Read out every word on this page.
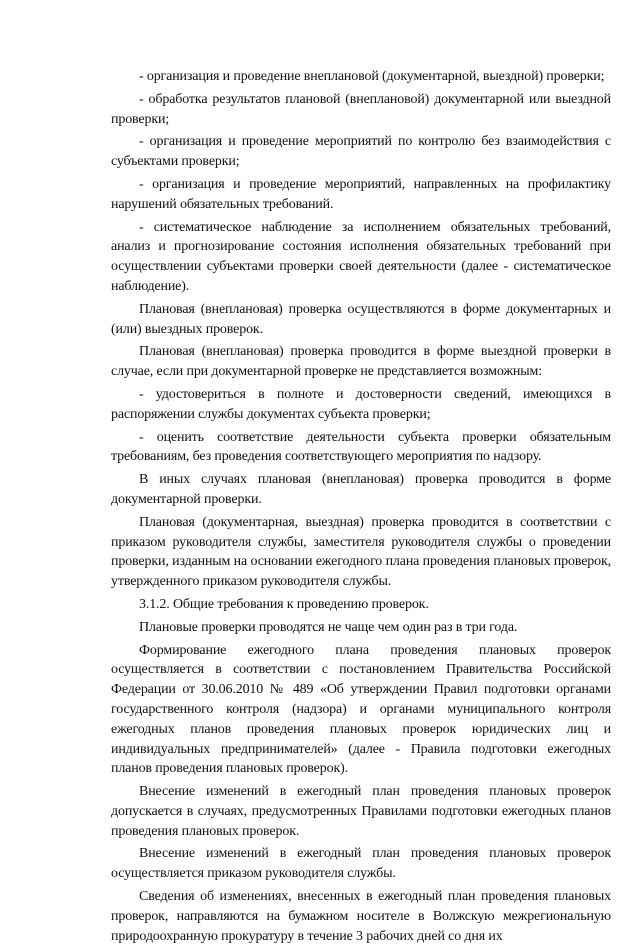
- организация и проведение внеплановой (документарной, выездной) проверки;

- обработка результатов плановой (внеплановой) документарной или выездной проверки;

- организация и проведение мероприятий по контролю без взаимодействия с субъектами проверки;

- организация и проведение мероприятий, направленных на профилактику нарушений обязательных требований.

- систематическое наблюдение за исполнением обязательных требований, анализ и прогнозирование состояния исполнения обязательных требований при осуществлении субъектами проверки своей деятельности (далее - систематическое наблюдение).

Плановая (внеплановая) проверка осуществляются в форме документарных и (или) выездных проверок.

Плановая (внеплановая) проверка проводится в форме выездной проверки в случае, если при документарной проверке не представляется возможным:

- удостовериться в полноте и достоверности сведений, имеющихся в распоряжении службы документах субъекта проверки;

- оценить соответствие деятельности субъекта проверки обязательным требованиям, без проведения соответствующего мероприятия по надзору.

В иных случаях плановая (внеплановая) проверка проводится в форме документарной проверки.

Плановая (документарная, выездная) проверка проводится в соответствии с приказом руководителя службы, заместителя руководителя службы о проведении проверки, изданным на основании ежегодного плана проведения плановых проверок, утвержденного приказом руководителя службы.

3.1.2. Общие требования к проведению проверок.

Плановые проверки проводятся не чаще чем один раз в три года.

Формирование ежегодного плана проведения плановых проверок осуществляется в соответствии с постановлением Правительства Российской Федерации от 30.06.2010 № 489 «Об утверждении Правил подготовки органами государственного контроля (надзора) и органами муниципального контроля ежегодных планов проведения плановых проверок юридических лиц и индивидуальных предпринимателей» (далее - Правила подготовки ежегодных планов проведения плановых проверок).

Внесение изменений в ежегодный план проведения плановых проверок допускается в случаях, предусмотренных Правилами подготовки ежегодных планов проведения плановых проверок.

Внесение изменений в ежегодный план проведения плановых проверок осуществляется приказом руководителя службы.

Сведения об изменениях, внесенных в ежегодный план проведения плановых проверок, направляются на бумажном носителе в Волжскую межрегиональную природоохранную прокуратуру в течение 3 рабочих дней со дня их
